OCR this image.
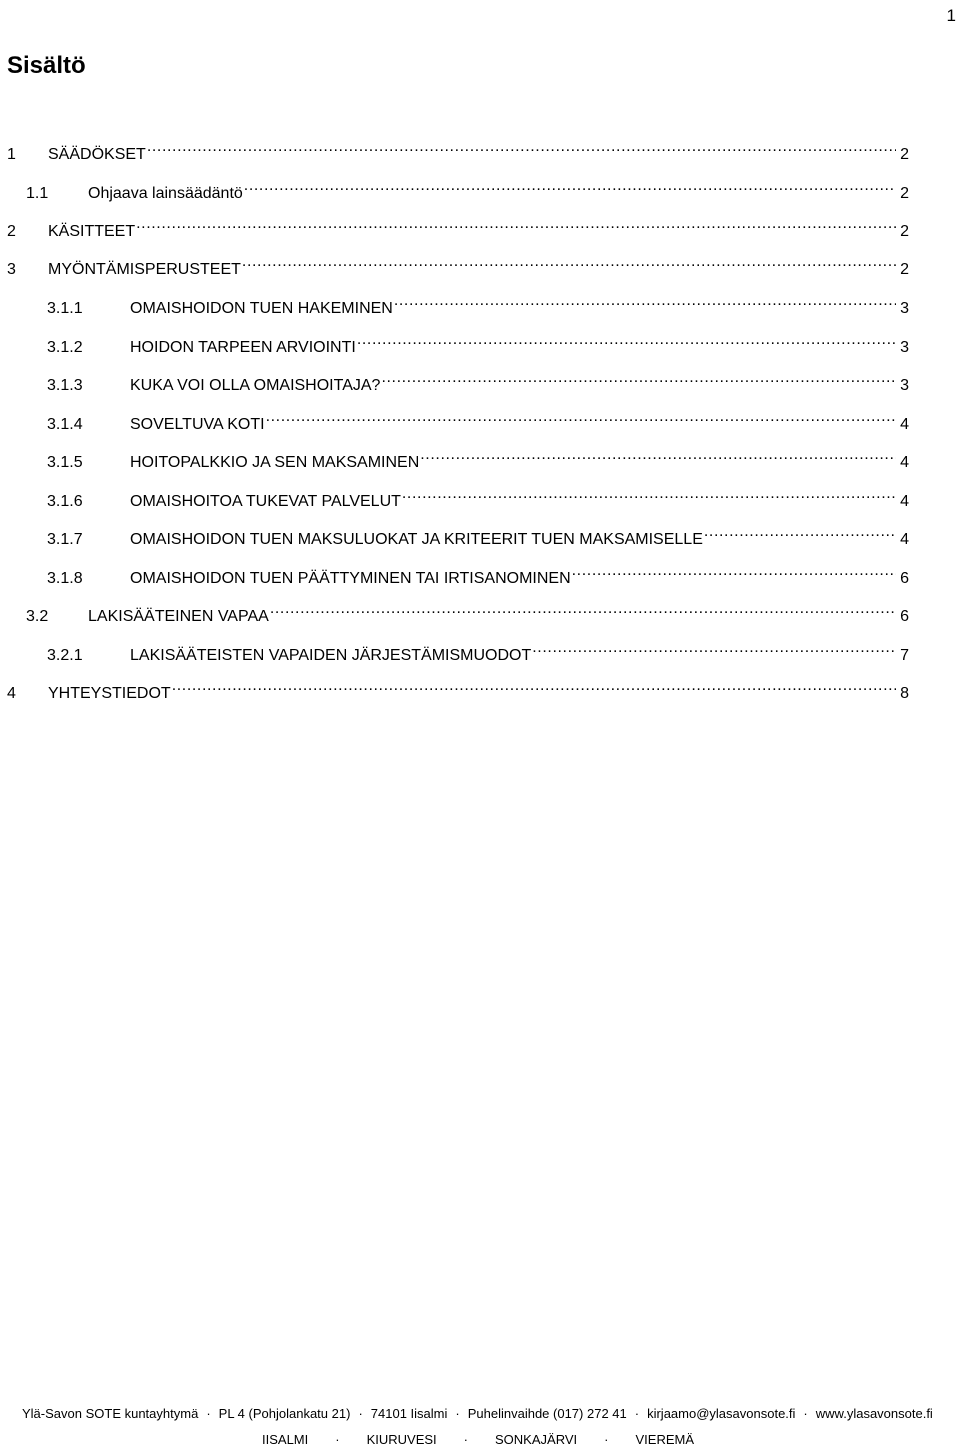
1
Sisältö
1	SÄÄDÖKSET .....	2
1.1	Ohjaava lainsäädäntö .....	2
2	KÄSITTEET .....	2
3	MYÖNTÄMISPERUSTEET .....	2
3.1.1	OMAISHOIDON TUEN HAKEMINEN .....	3
3.1.2	HOIDON TARPEEN ARVIOINTI .....	3
3.1.3	KUKA VOI OLLA OMAISHOITAJA? .....	3
3.1.4	SOVELTUVA KOTI .....	4
3.1.5	HOITOPALKKIO JA SEN MAKSAMINEN .....	4
3.1.6	OMAISHOITOA TUKEVAT PALVELUT .....	4
3.1.7	OMAISHOIDON TUEN MAKSULUOKAT JA KRITEERIT TUEN MAKSAMISELLE .....	4
3.1.8	OMAISHOIDON TUEN PÄÄTTYMINEN TAI IRTISANOMINEN .....	6
3.2	LAKISÄÄTEINEN VAPAA .....	6
3.2.1	LAKISÄÄTEISTEN VAPAIDEN JÄRJESTÄMISMUODOT .....	7
4	YHTEYSTIEDOT .....	8
Ylä-Savon SOTE kuntayhtymä · PL 4 (Pohjolankatu 21) · 74101 Iisalmi · Puhelinvaihde (017) 272 41 · kirjaamo@ylasavonsote.fi · www.ylasavonsote.fi
IISALMI · KIURUVESI · SONKAJÄRVI · VIEREMÄ
